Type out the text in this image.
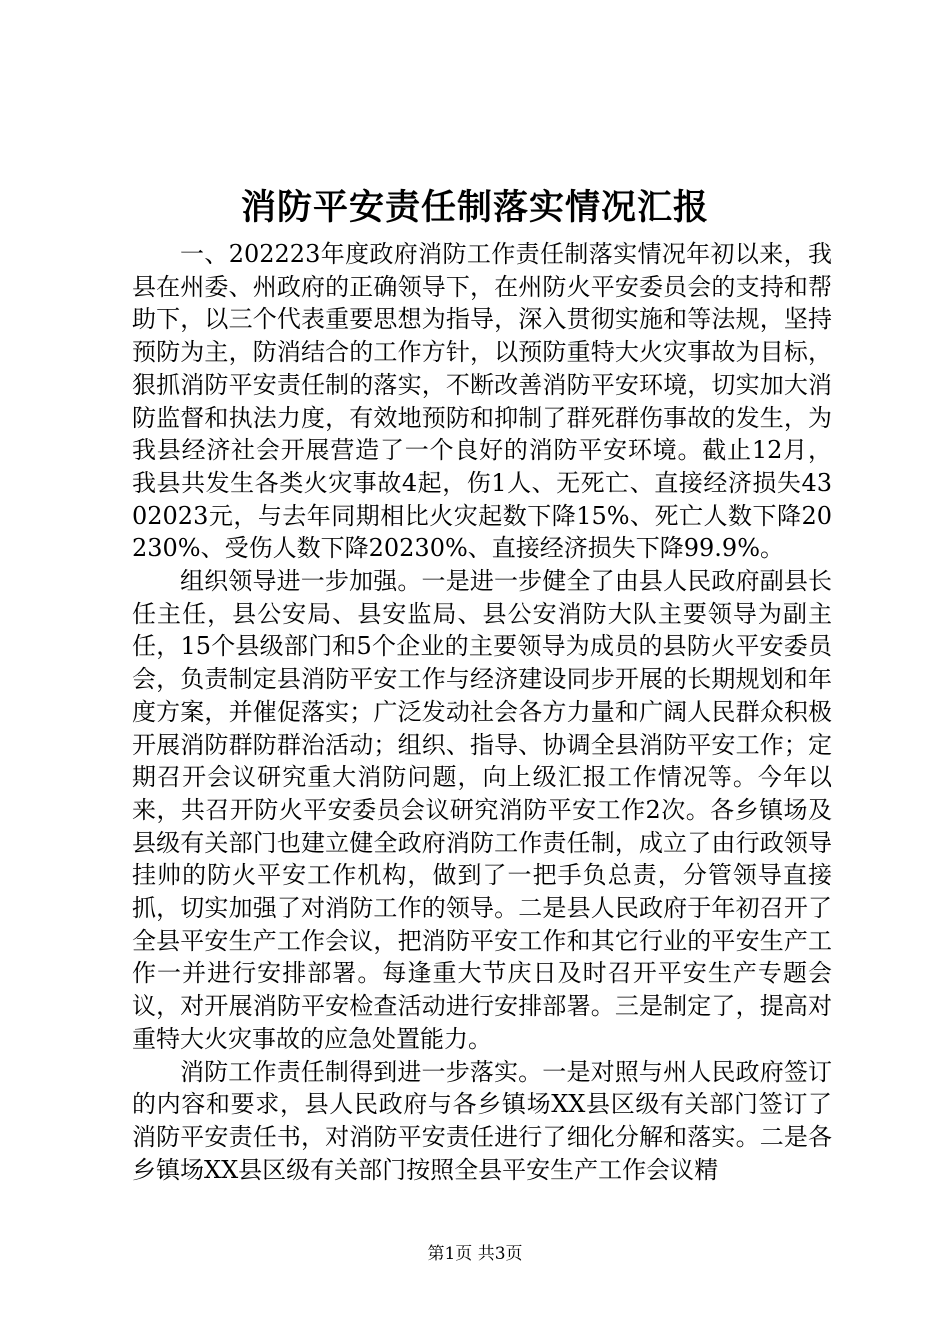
消防平安责任制落实情况汇报

一、202223年度政府消防工作责任制落实情况年初以来，我县在州委、州政府的正确领导下，在州防火平安委员会的支持和帮助下，以三个代表重要思想为指导，深入贯彻实施和等法规，坚持预防为主，防消结合的工作方针，以预防重特大火灾事故为目标，狠抓消防平安责任制的落实，不断改善消防平安环境，切实加大消防监督和执法力度，有效地预防和抑制了群死群伤事故的发生，为我县经济社会开展营造了一个良好的消防平安环境。截止12月，我县共发生各类火灾事故4起，伤1人、无死亡、直接经济损失4302023元，与去年同期相比火灾起数下降15%、死亡人数下降20230%、受伤人数下降20230%、直接经济损失下降99.9%。

组织领导进一步加强。一是进一步健全了由县人民政府副县长任主任，县公安局、县安监局、县公安消防大队主要领导为副主任，15个县级部门和5个企业的主要领导为成员的县防火平安委员会，负责制定县消防平安工作与经济建设同步开展的长期规划和年度方案，并催促落实；广泛发动社会各方力量和广阔人民群众积极开展消防群防群治活动；组织、指导、协调全县消防平安工作；定期召开会议研究重大消防问题，向上级汇报工作情况等。今年以来，共召开防火平安委员会议研究消防平安工作2次。各乡镇场及县级有关部门也建立健全政府消防工作责任制，成立了由行政领导挂帅的防火平安工作机构，做到了一把手负总责，分管领导直接抓，切实加强了对消防工作的领导。二是县人民政府于年初召开了全县平安生产工作会议，把消防平安工作和其它行业的平安生产工作一并进行安排部署。每逢重大节庆日及时召开平安生产专题会议，对开展消防平安检查活动进行安排部署。三是制定了，提高对重特大火灾事故的应急处置能力。

消防工作责任制得到进一步落实。一是对照与州人民政府签订的内容和要求，县人民政府与各乡镇场XX县区级有关部门签订了消防平安责任书，对消防平安责任进行了细化分解和落实。二是各乡镇场XX县区级有关部门按照全县平安生产工作会议精

第1页 共3页
